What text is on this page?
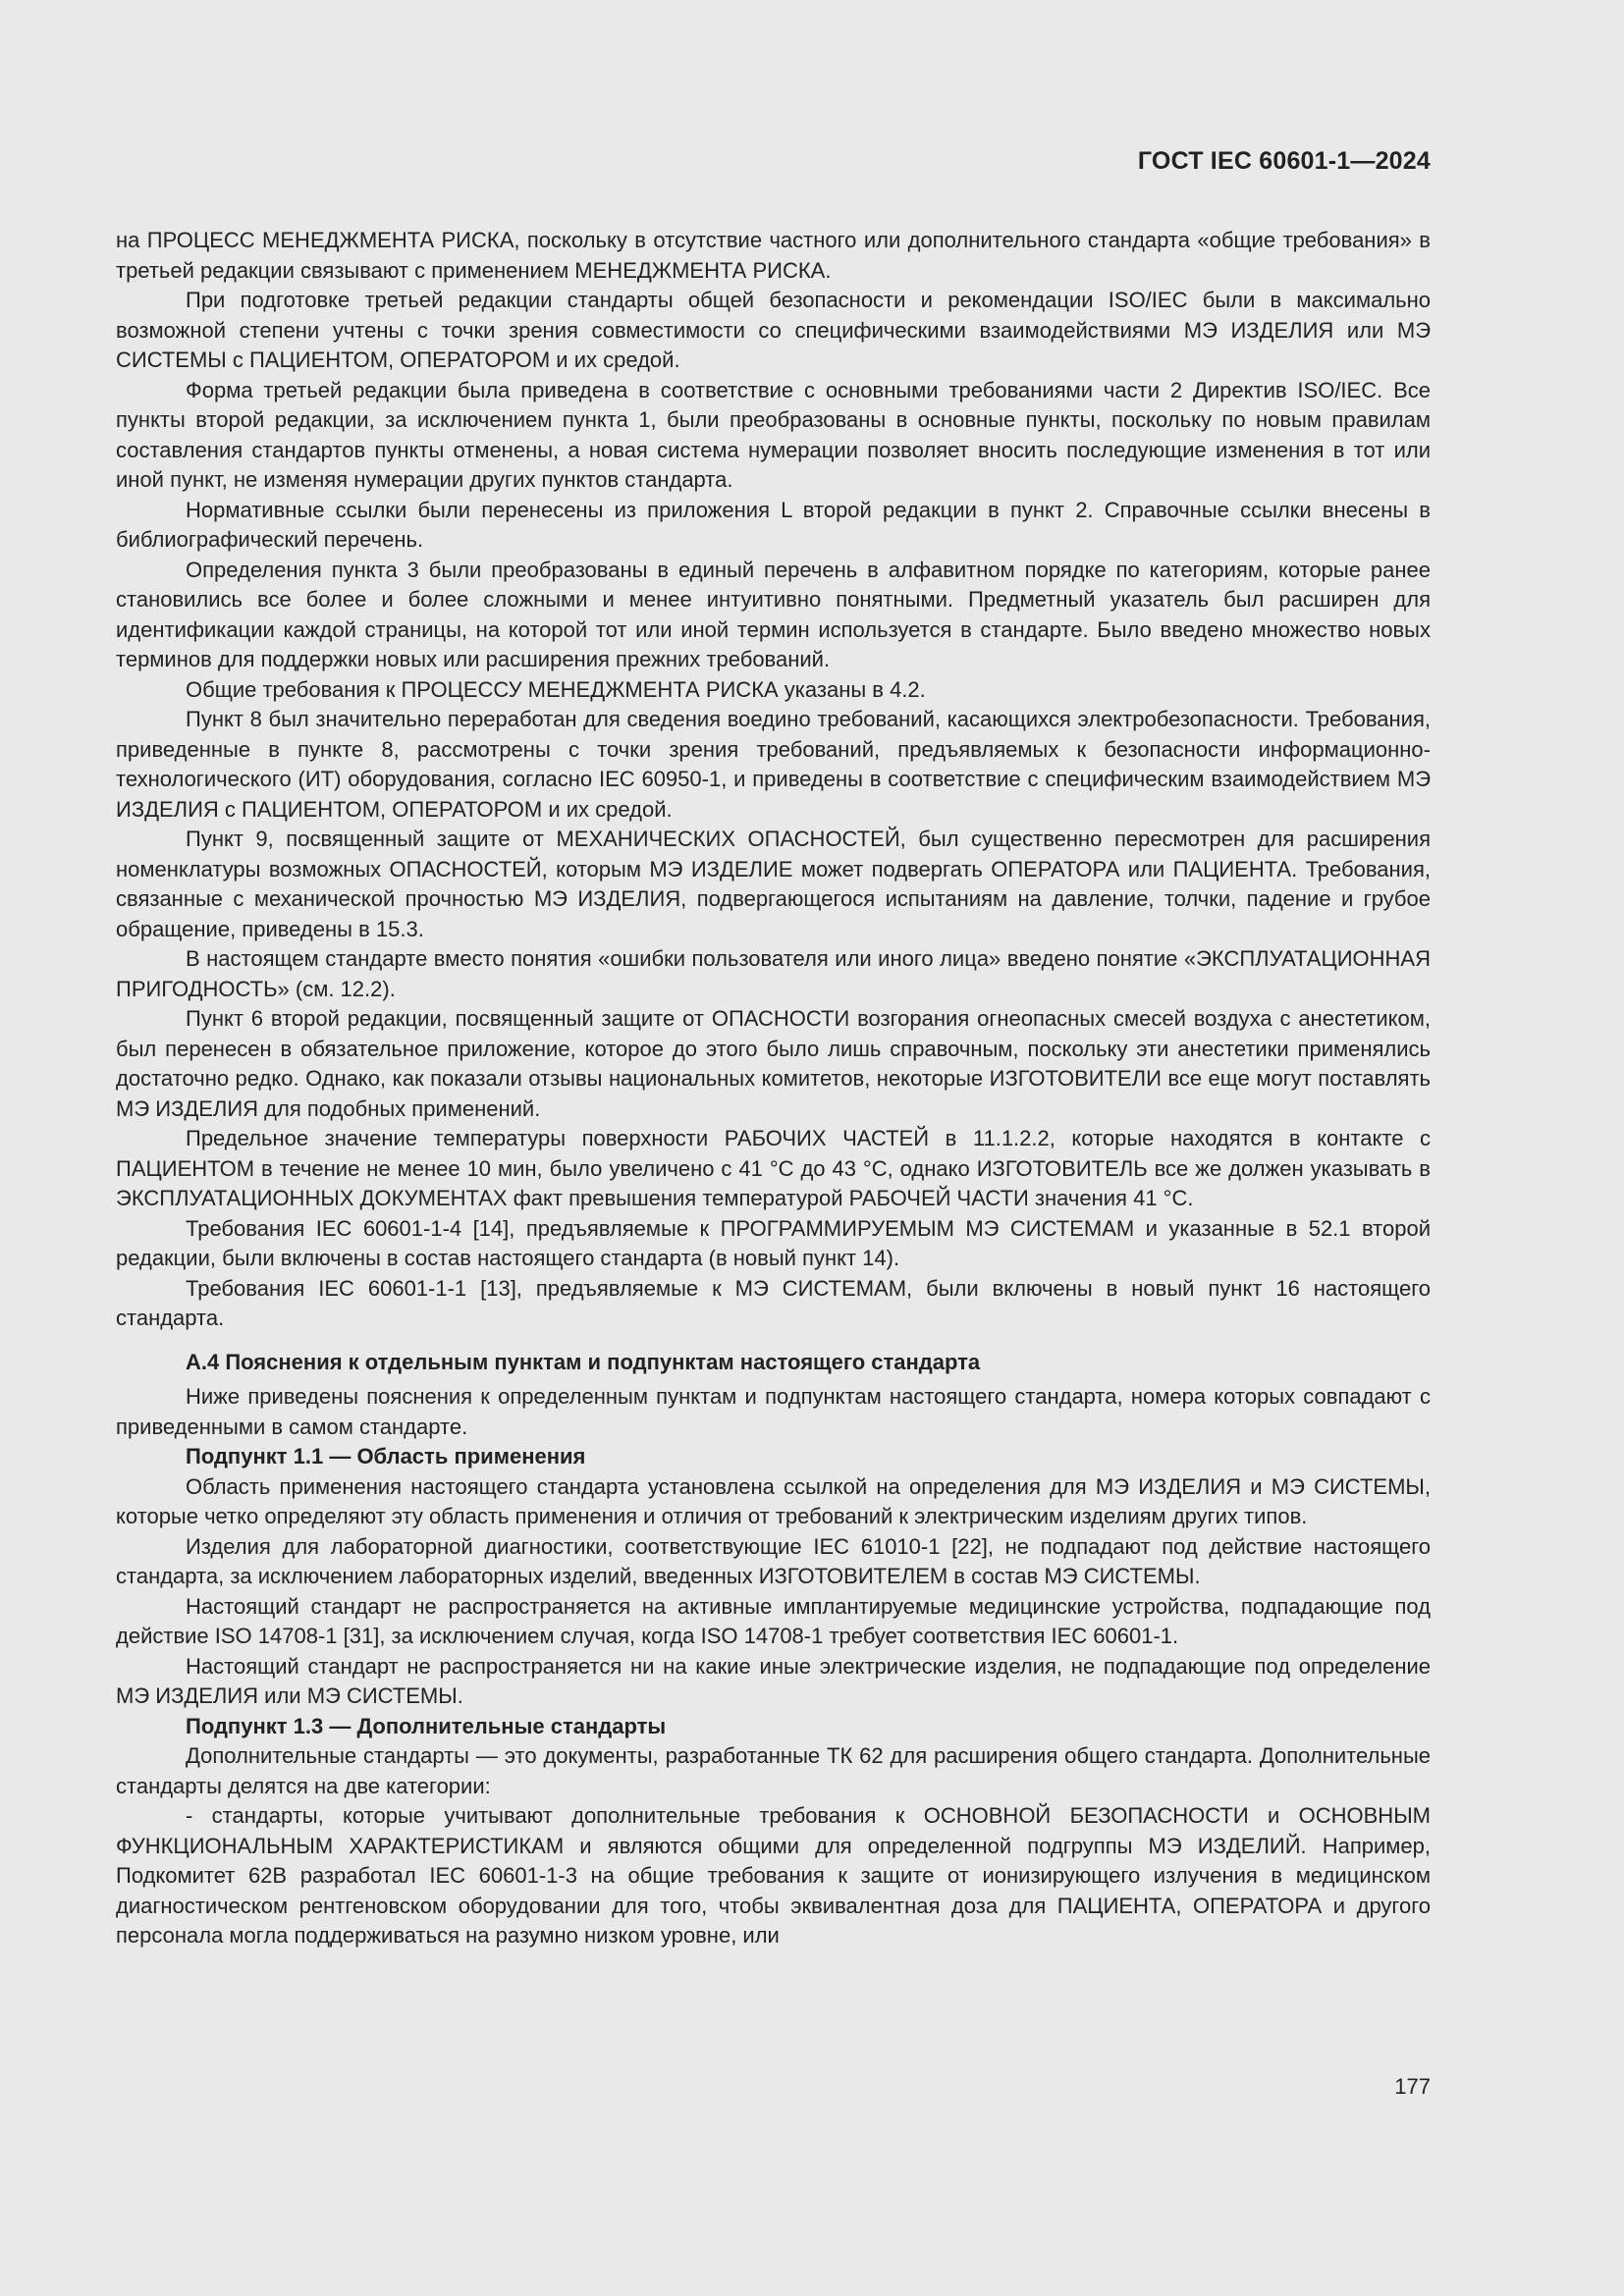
ГОСТ IEC 60601-1—2024

на ПРОЦЕСС МЕНЕДЖМЕНТА РИСКА, поскольку в отсутствие частного или дополнительного стандарта «общие требования» в третьей редакции связывают с применением МЕНЕДЖМЕНТА РИСКА.

При подготовке третьей редакции стандарты общей безопасности и рекомендации ISO/IEC были в максимально возможной степени учтены с точки зрения совместимости со специфическими взаимодействиями МЭ ИЗДЕЛИЯ или МЭ СИСТЕМЫ с ПАЦИЕНТОМ, ОПЕРАТОРОМ и их средой.

Форма третьей редакции была приведена в соответствие с основными требованиями части 2 Директив ISO/IEC. Все пункты второй редакции, за исключением пункта 1, были преобразованы в основные пункты, поскольку по новым правилам составления стандартов пункты отменены, а новая система нумерации позволяет вносить последующие изменения в тот или иной пункт, не изменяя нумерации других пунктов стандарта.

Нормативные ссылки были перенесены из приложения L второй редакции в пункт 2. Справочные ссылки внесены в библиографический перечень.

Определения пункта 3 были преобразованы в единый перечень в алфавитном порядке по категориям, которые ранее становились все более и более сложными и менее интуитивно понятными. Предметный указатель был расширен для идентификации каждой страницы, на которой тот или иной термин используется в стандарте. Было введено множество новых терминов для поддержки новых или расширения прежних требований.

Общие требования к ПРОЦЕССУ МЕНЕДЖМЕНТА РИСКА указаны в 4.2.

Пункт 8 был значительно переработан для сведения воедино требований, касающихся электробезопасности. Требования, приведенные в пункте 8, рассмотрены с точки зрения требований, предъявляемых к безопасности информационно-технологического (ИТ) оборудования, согласно IEC 60950-1, и приведены в соответствие с специфическим взаимодействием МЭ ИЗДЕЛИЯ с ПАЦИЕНТОМ, ОПЕРАТОРОМ и их средой.

Пункт 9, посвященный защите от МЕХАНИЧЕСКИХ ОПАСНОСТЕЙ, был существенно пересмотрен для расширения номенклатуры возможных ОПАСНОСТЕЙ, которым МЭ ИЗДЕЛИЕ может подвергать ОПЕРАТОРА или ПАЦИЕНТА. Требования, связанные с механической прочностью МЭ ИЗДЕЛИЯ, подвергающегося испытаниям на давление, толчки, падение и грубое обращение, приведены в 15.3.

В настоящем стандарте вместо понятия «ошибки пользователя или иного лица» введено понятие «ЭКСПЛУАТАЦИОННАЯ ПРИГОДНОСТЬ» (см. 12.2).

Пункт 6 второй редакции, посвященный защите от ОПАСНОСТИ возгорания огнеопасных смесей воздуха с анестетиком, был перенесен в обязательное приложение, которое до этого было лишь справочным, поскольку эти анестетики применялись достаточно редко. Однако, как показали отзывы национальных комитетов, некоторые ИЗГОТОВИТЕЛИ все еще могут поставлять МЭ ИЗДЕЛИЯ для подобных применений.

Предельное значение температуры поверхности РАБОЧИХ ЧАСТЕЙ в 11.1.2.2, которые находятся в контакте с ПАЦИЕНТОМ в течение не менее 10 мин, было увеличено с 41 °С до 43 °С, однако ИЗГОТОВИТЕЛЬ все же должен указывать в ЭКСПЛУАТАЦИОННЫХ ДОКУМЕНТАХ факт превышения температурой РАБОЧЕЙ ЧАСТИ значения 41 °С.

Требования IEC 60601-1-4 [14], предъявляемые к ПРОГРАММИРУЕМЫМ МЭ СИСТЕМАМ и указанные в 52.1 второй редакции, были включены в состав настоящего стандарта (в новый пункт 14).

Требования IEC 60601-1-1 [13], предъявляемые к МЭ СИСТЕМАМ, были включены в новый пункт 16 настоящего стандарта.

А.4 Пояснения к отдельным пунктам и подпунктам настоящего стандарта

Ниже приведены пояснения к определенным пунктам и подпунктам настоящего стандарта, номера которых совпадают с приведенными в самом стандарте.

Подпункт 1.1 — Область применения

Область применения настоящего стандарта установлена ссылкой на определения для МЭ ИЗДЕЛИЯ и МЭ СИСТЕМЫ, которые четко определяют эту область применения и отличия от требований к электрическим изделиям других типов.

Изделия для лабораторной диагностики, соответствующие IEC 61010-1 [22], не подпадают под действие настоящего стандарта, за исключением лабораторных изделий, введенных ИЗГОТОВИТЕЛЕМ в состав МЭ СИСТЕМЫ.

Настоящий стандарт не распространяется на активные имплантируемые медицинские устройства, подпадающие под действие ISO 14708-1 [31], за исключением случая, когда ISO 14708-1 требует соответствия IEC 60601-1.

Настоящий стандарт не распространяется ни на какие иные электрические изделия, не подпадающие под определение МЭ ИЗДЕЛИЯ или МЭ СИСТЕМЫ.

Подпункт 1.3 — Дополнительные стандарты

Дополнительные стандарты — это документы, разработанные ТК 62 для расширения общего стандарта. Дополнительные стандарты делятся на две категории:

- стандарты, которые учитывают дополнительные требования к ОСНОВНОЙ БЕЗОПАСНОСТИ и ОСНОВНЫМ ФУНКЦИОНАЛЬНЫМ ХАРАКТЕРИСТИКАМ и являются общими для определенной подгруппы МЭ ИЗДЕЛИЙ. Например, Подкомитет 62В разработал IEC 60601-1-3 на общие требования к защите от ионизирующего излучения в медицинском диагностическом рентгеновском оборудовании для того, чтобы эквивалентная доза для ПАЦИЕНТА, ОПЕРАТОРА и другого персонала могла поддерживаться на разумно низком уровне, или

177
